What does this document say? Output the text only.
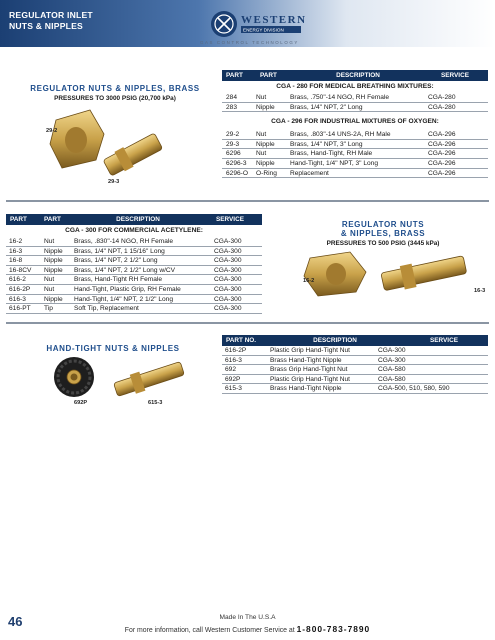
REGULATOR INLET
NUTS & NIPPLES	WESTERN
ENERGY DIVISION
GAS CONTROL TECHNOLOGY
PART NO.
PART	DESCRIPTION	SERVICE
CGA - 280 FOR MEDICAL BREATHING MIXTURES:
284	Nut	Brass, .750"-14 NGO, RH Female	CGA-280
283	Nipple	Brass, 1/4" NPT, 2" Long	CGA-280
CGA - 296 FOR INDUSTRIAL MIXTURES OF OXYGEN:
29-2	Nut	Brass, .803"-14 UNS-2A, RH Male	CGA-296
29-3	Nipple	Brass, 1/4" NPT, 3" Long	CGA-296
6296	Nut	Brass, Hand-Tight, RH Male	CGA-296
6296-3	Nipple	Hand-Tight, 1/4" NPT, 3" Long	CGA-296
6296-O	O-Ring	Replacement	CGA-296
REGULATOR NUTS & NIPPLES, BRASS
PRESSURES TO 3000 PSIG (20,700 kPa)
29-2
29-3
PART NO.
PART	DESCRIPTION	SERVICE
CGA - 300 FOR COMMERCIAL ACETYLENE:
16-2	Nut	Brass, .830"-14 NGO, RH Female	CGA-300
16-3	Nipple	Brass, 1/4" NPT, 1 15/16" Long	CGA-300
16-8	Nipple	Brass, 1/4" NPT, 2 1/2" Long	CGA-300
16-8CV	Nipple	Brass, 1/4" NPT, 2 1/2" Long w/CV	CGA-300
616-2	Nut	Brass, Hand-Tight RH Female	CGA-300
616-2P	Nut	Hand-Tight, Plastic Grip, RH Female	CGA-300
616-3	Nipple	Hand-Tight, 1/4" NPT, 2 1/2" Long	CGA-300
616-PT	Tip	Soft Tip, Replacement	CGA-300
REGULATOR NUTS
& NIPPLES, BRASS
PRESSURES TO 500 PSIG (3445 kPa)
16-2
16-3
HAND-TIGHT NUTS & NIPPLES
692P	615-3
PART NO.	DESCRIPTION	SERVICE
616-2P	Plastic Grip Hand-Tight Nut	CGA-300
616-3	Brass Hand-Tight Nipple	CGA-300
692	Brass Grip Hand-Tight Nut	CGA-580
692P	Plastic Grip Hand-Tight Nut	CGA-580
615-3	Brass Hand-Tight Nipple	CGA-500, 510, 580, 590
46	Made In The U.S.A
For more information, call Western Customer Service at 1-800-783-7890
